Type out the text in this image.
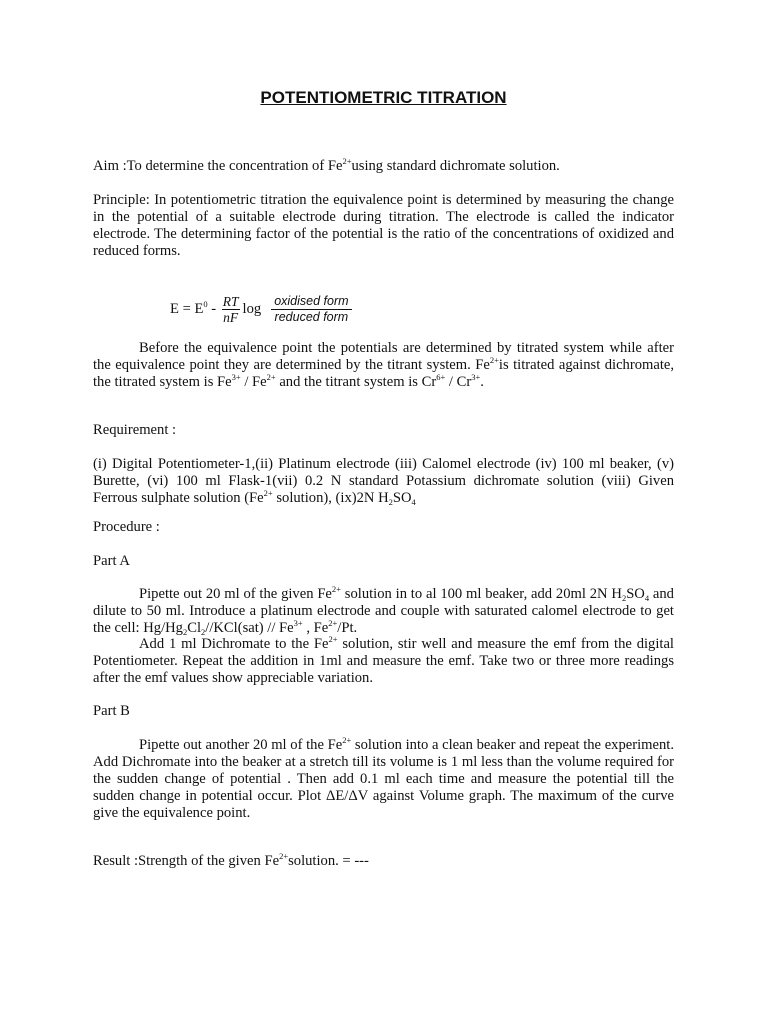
POTENTIOMETRIC TITRATION

Aim :To determine the concentration of $Fe^{2+}using$ standard dichromate solution.

Principle: In potentiometric titration the equivalence point is determined by measuring the change in the potential of a suitable electrode during titration. The electrode is called the indicator electrode. The determining factor of the potential is the ratio of the concentrations of oxidized and reduced forms.

$E = E^0 - \frac{RT}{nF}$ $\log \frac{\text{oxidised form}}{\text{reduced form}}$

Before the equivalence point the potentials are determined by titrated system while after the equivalence point they are determined by the titrant system. $Fe^{2+}is$ titrated against dichromate, the titrated system is $Fe^{3+} / Fe^{2+}$ and the titrant system is $Cr^{6+} / Cr^{3+}$.

Requirement :

(i) Digital Potentiometer-1,(ii) Platinum electrode (iii) Calomel electrode (iv) 100 ml beaker, (v) Burette, (vi) 100 ml Flask-1(vii) 0.2 N standard Potassium dichromate solution (viii) Given Ferrous sulphate solution ($Fe^{2+}$ solution), (ix)2N $H_2SO_4$

Procedure :

Part A

Pipette out 20 ml of the given $Fe^{2+}$ solution in to al 100 ml beaker, add 20ml 2N $H_2SO_4$ and dilute to 50 ml. Introduce a platinum electrode and couple with saturated calomel electrode to get the cell: $Hg/Hg_2Cl_2//KCl(sat) // Fe^{3+}$ , $Fe^{2+}/Pt$.

Add 1 ml Dichromate to the $Fe^{2+}$ solution, stir well and measure the emf from the digital Potentiometer. Repeat the addition in 1ml and measure the emf. Take two or three more readings after the emf values show appreciable variation.

Part B

Pipette out another 20 ml of the $Fe^{2+}$ solution into a clean beaker and repeat the experiment. Add Dichromate into the beaker at a stretch till its volume is 1 ml less than the volume required for the sudden change of potential . Then add 0.1 ml each time and measure the potential till the sudden change in potential occur. Plot ΔE/ΔV against Volume graph. The maximum of the curve give the equivalence point.

Result :Strength of the given $Fe^{2+}solution$. = ---
